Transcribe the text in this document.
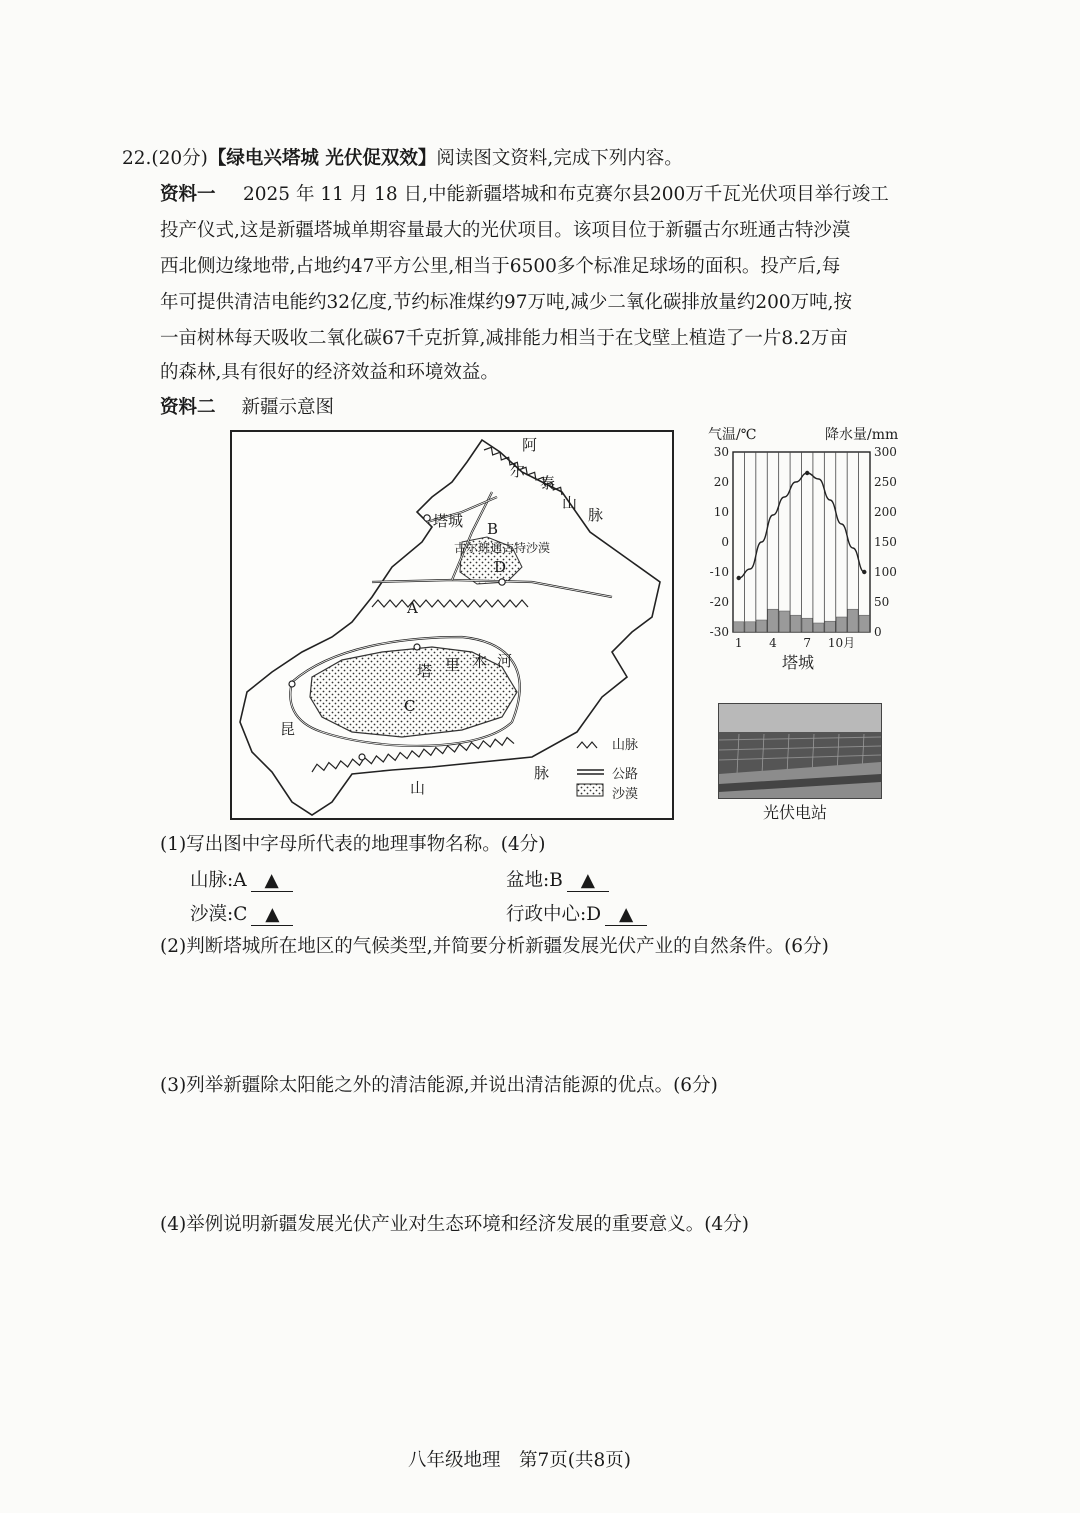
22.(20分)【绿电兴塔城 光伏促双效】阅读图文资料,完成下列内容。
资料一 2025 年 11 月 18 日,中能新疆塔城和布克赛尔县200万千瓦光伏项目举行竣工
投产仪式,这是新疆塔城单期容量最大的光伏项目。该项目位于新疆古尔班通古特沙漠
西北侧边缘地带,占地约47平方公里,相当于6500多个标准足球场的面积。投产后,每
年可提供清洁电能约32亿度,节约标准煤约97万吨,减少二氧化碳排放量约200万吨,按
一亩树林每天吸收二氧化碳67千克折算,减排能力相当于在戈壁上植造了一片8.2万亩
的森林,具有很好的经济效益和环境效益。
资料二 新疆示意图
A
B
C
D
塔城
古尔班通古特沙漠
阿
尔
泰
山
脉
塔 里 木 河
昆
山
脉
山脉
公路
沙漠
气温/℃	降水量/mm
30
20
10
0
-10
-20
-30
300
250
200
150
100
50
0
1 4 7 10月
塔城
光伏电站
(1)写出图中字母所代表的地理事物名称。(4分)
山脉:A ▲	盆地:B ▲
沙漠:C ▲	行政中心:D ▲
(2)判断塔城所在地区的气候类型,并简要分析新疆发展光伏产业的自然条件。(6分)
(3)列举新疆除太阳能之外的清洁能源,并说出清洁能源的优点。(6分)
(4)举例说明新疆发展光伏产业对生态环境和经济发展的重要意义。(4分)
八年级地理　第7页(共8页)
